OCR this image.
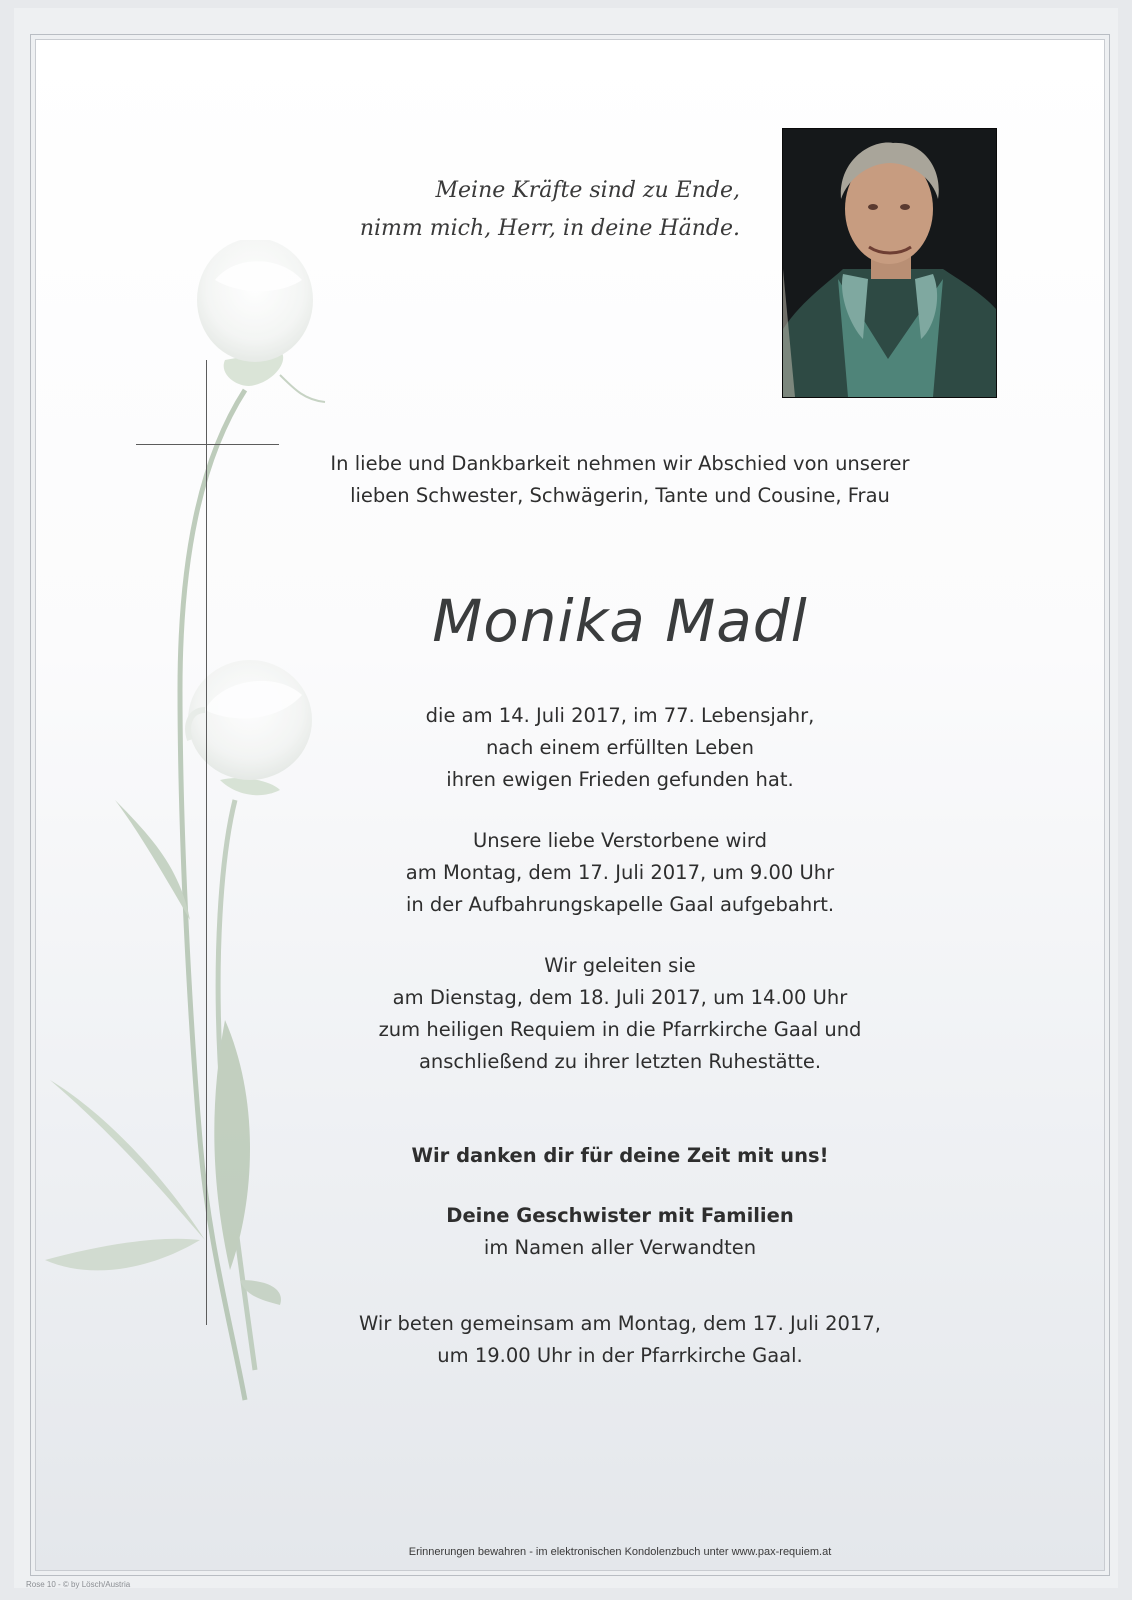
Meine Kräfte sind zu Ende,
nimm mich, Herr, in deine Hände.
In liebe und Dankbarkeit nehmen wir Abschied von unserer
lieben Schwester, Schwägerin, Tante und Cousine, Frau
Monika Madl
die am 14. Juli 2017, im 77. Lebensjahr,
nach einem erfüllten Leben
ihren ewigen Frieden gefunden hat.
Unsere liebe Verstorbene wird
am Montag, dem 17. Juli 2017, um 9.00 Uhr
in der Aufbahrungskapelle Gaal aufgebahrt.
Wir geleiten sie
am Dienstag, dem 18. Juli 2017, um 14.00 Uhr
zum heiligen Requiem in die Pfarrkirche Gaal und
anschließend zu ihrer letzten Ruhestätte.
Wir danken dir für deine Zeit mit uns!
Deine Geschwister mit Familien
im Namen aller Verwandten
Wir beten gemeinsam am Montag, dem 17. Juli 2017,
um 19.00 Uhr in der Pfarrkirche Gaal.
Erinnerungen bewahren - im elektronischen Kondolenzbuch unter www.pax-requiem.at
Rose 10 - © by Lösch/Austria
